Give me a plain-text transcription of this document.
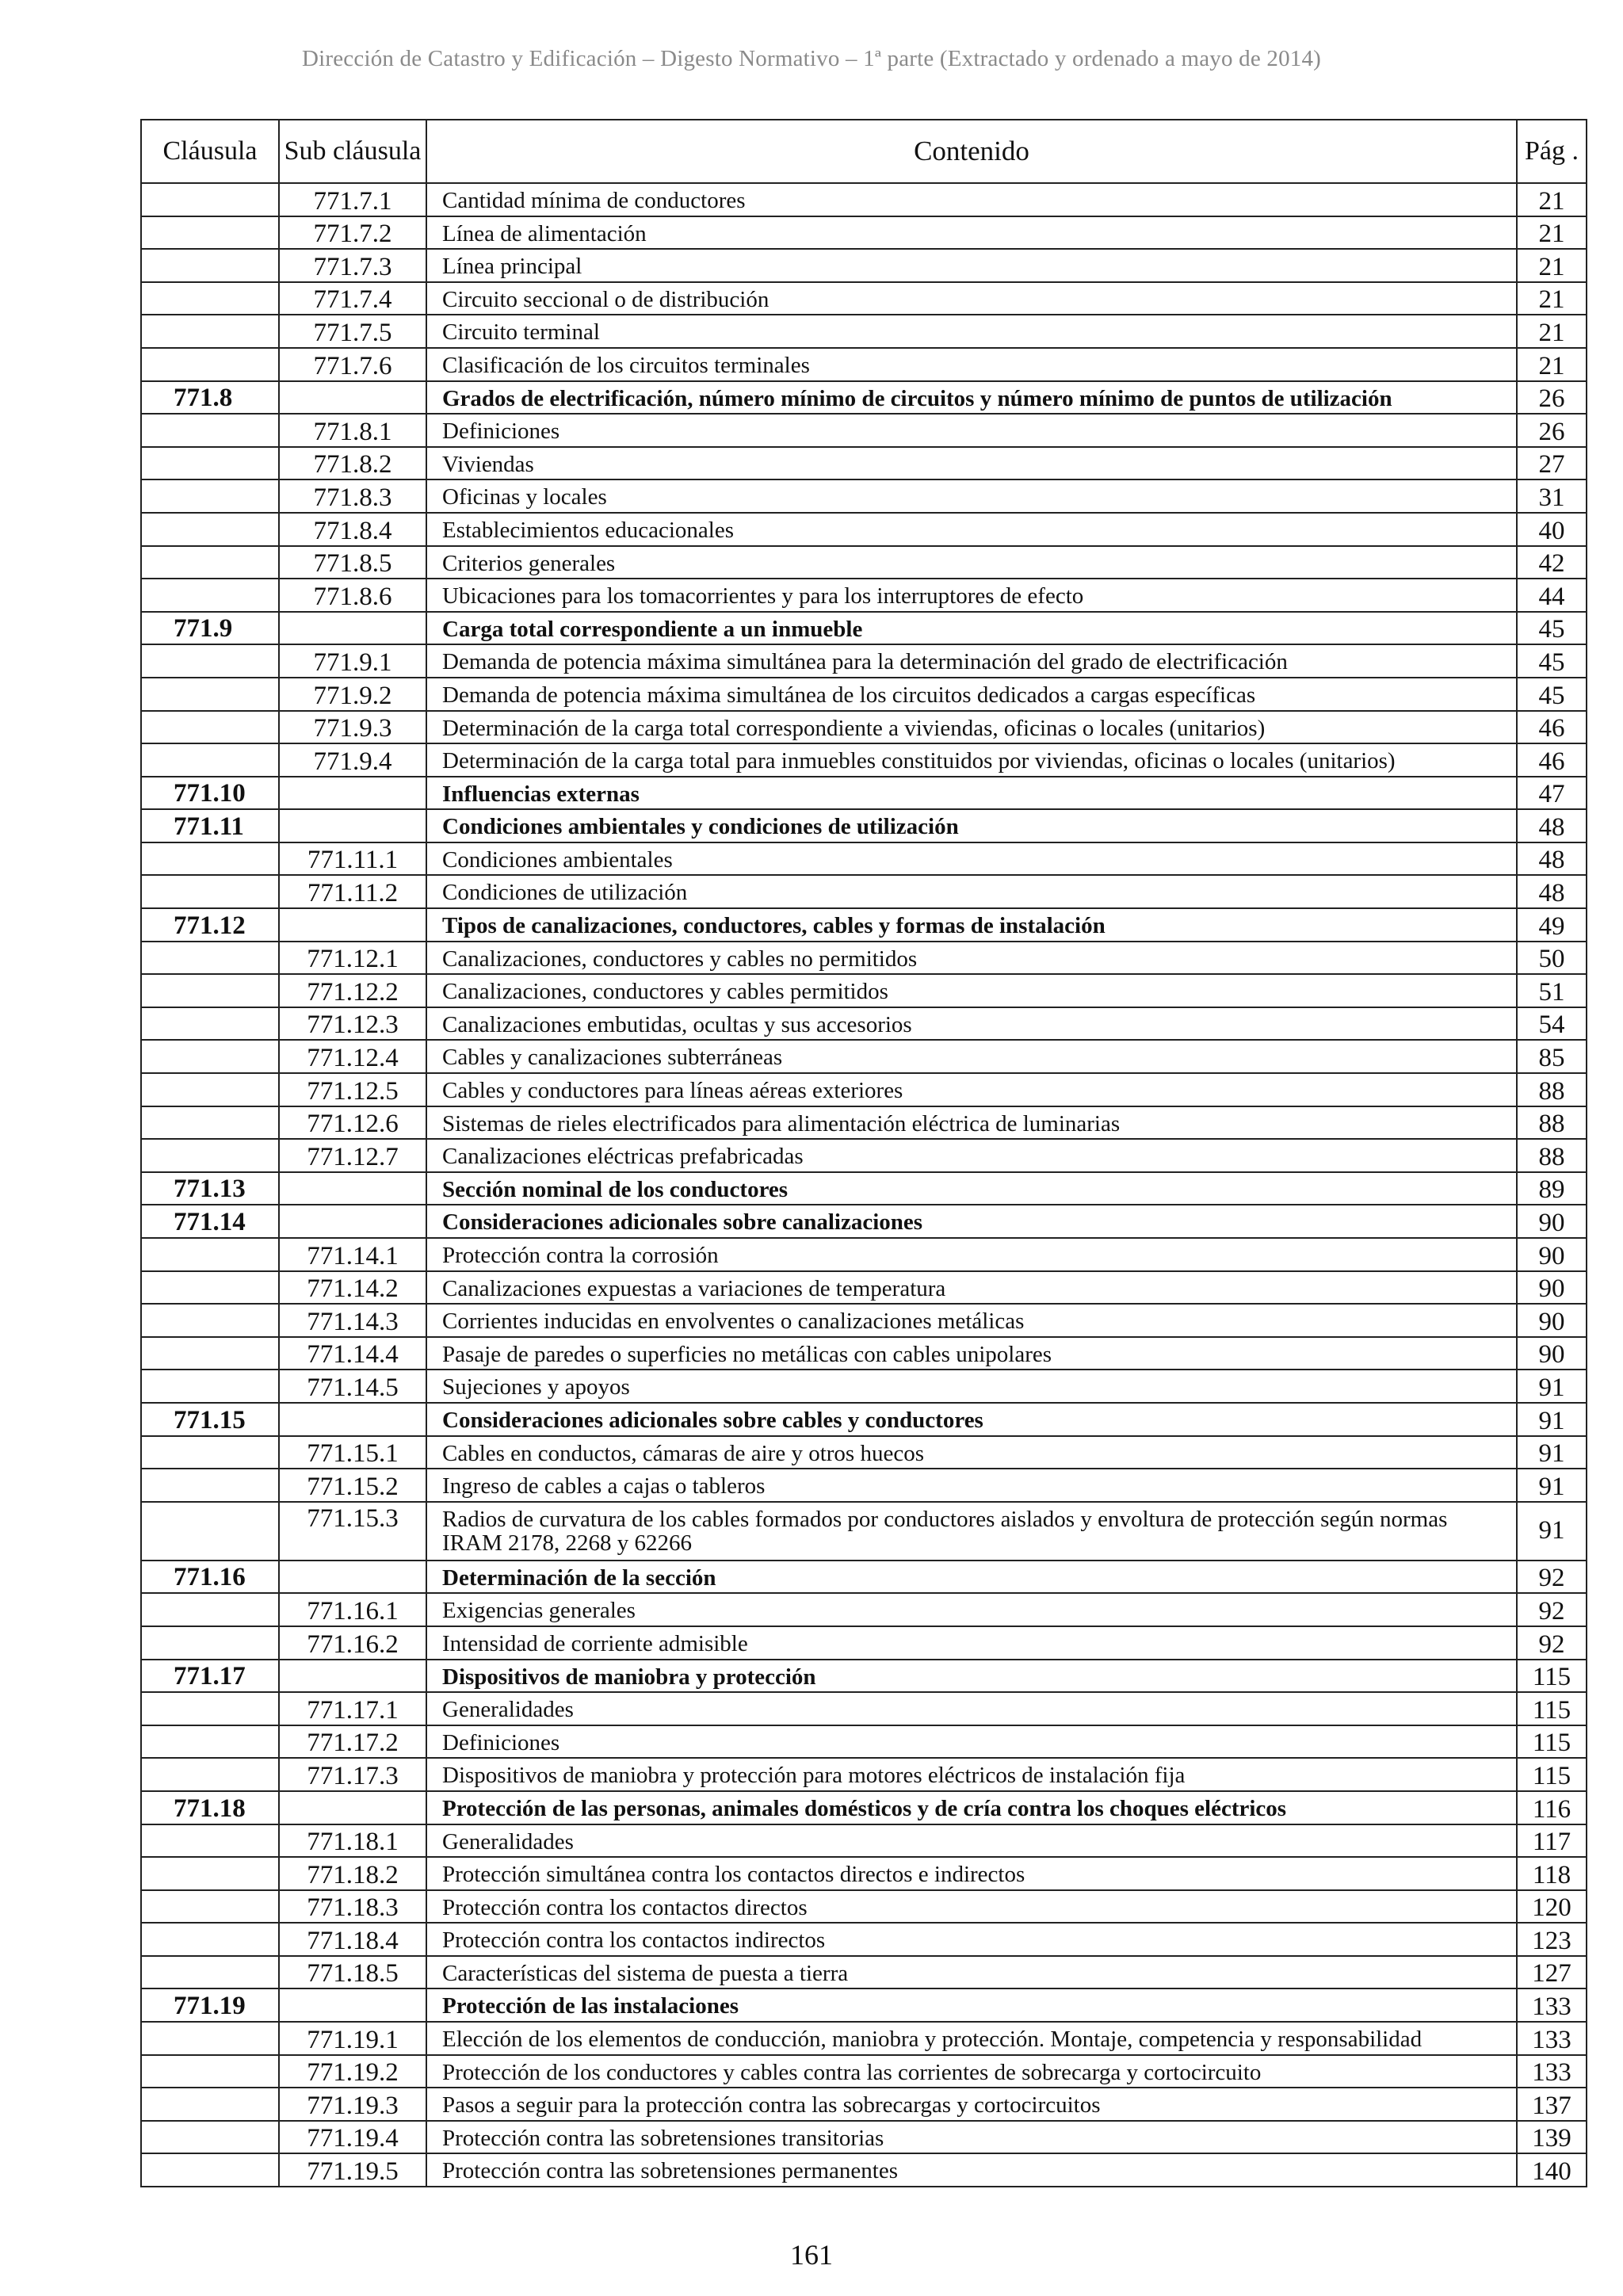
Dirección de Catastro y Edificación – Digesto Normativo – 1ª parte (Extractado y ordenado a mayo de 2014)
Cláusula	Sub cláusula	Contenido	Pág .
	771.7.1	Cantidad mínima de conductores	21
	771.7.2	Línea de alimentación	21
	771.7.3	Línea principal	21
	771.7.4	Circuito seccional o de distribución	21
	771.7.5	Circuito terminal	21
	771.7.6	Clasificación de los circuitos terminales	21
771.8		Grados de electrificación, número mínimo de circuitos y número mínimo de puntos de utilización	26
	771.8.1	Definiciones	26
	771.8.2	Viviendas	27
	771.8.3	Oficinas y locales	31
	771.8.4	Establecimientos educacionales	40
	771.8.5	Criterios generales	42
	771.8.6	Ubicaciones para los tomacorrientes y para los interruptores de efecto	44
771.9		Carga total correspondiente a un inmueble	45
	771.9.1	Demanda de potencia máxima simultánea para la determinación del grado de electrificación	45
	771.9.2	Demanda de potencia máxima simultánea de los circuitos dedicados a cargas específicas	45
	771.9.3	Determinación de la carga total correspondiente a viviendas, oficinas o locales (unitarios)	46
	771.9.4	Determinación de la carga total para inmuebles constituidos por viviendas, oficinas o locales (unitarios)	46
771.10		Influencias externas	47
771.11		Condiciones ambientales y condiciones de utilización	48
	771.11.1	Condiciones ambientales	48
	771.11.2	Condiciones de utilización	48
771.12		Tipos de canalizaciones, conductores, cables y formas de instalación	49
	771.12.1	Canalizaciones, conductores y cables no permitidos	50
	771.12.2	Canalizaciones, conductores y cables permitidos	51
	771.12.3	Canalizaciones embutidas, ocultas y sus accesorios	54
	771.12.4	Cables y canalizaciones subterráneas	85
	771.12.5	Cables y conductores para líneas aéreas exteriores	88
	771.12.6	Sistemas de rieles electrificados para alimentación eléctrica de luminarias	88
	771.12.7	Canalizaciones eléctricas prefabricadas	88
771.13		Sección nominal de los conductores	89
771.14		Consideraciones adicionales sobre canalizaciones	90
	771.14.1	Protección contra la corrosión	90
	771.14.2	Canalizaciones expuestas a variaciones de temperatura	90
	771.14.3	Corrientes inducidas en envolventes o canalizaciones metálicas	90
	771.14.4	Pasaje de paredes o superficies no metálicas con cables unipolares	90
	771.14.5	Sujeciones y apoyos	91
771.15		Consideraciones adicionales sobre cables y conductores	91
	771.15.1	Cables en conductos, cámaras de aire y otros huecos	91
	771.15.2	Ingreso de cables a cajas o tableros	91
	771.15.3	Radios de curvatura de los cables formados por conductores aislados y envoltura de protección según normas IRAM 2178, 2268 y 62266	91
771.16		Determinación de la sección	92
	771.16.1	Exigencias generales	92
	771.16.2	Intensidad de corriente admisible	92
771.17		Dispositivos de maniobra y protección	115
	771.17.1	Generalidades	115
	771.17.2	Definiciones	115
	771.17.3	Dispositivos de maniobra y protección para motores eléctricos de instalación fija	115
771.18		Protección de las personas, animales domésticos y de cría contra los choques eléctricos	116
	771.18.1	Generalidades	117
	771.18.2	Protección simultánea contra los contactos directos e indirectos	118
	771.18.3	Protección contra los contactos directos	120
	771.18.4	Protección contra los contactos indirectos	123
	771.18.5	Características del sistema de puesta a tierra	127
771.19		Protección de las instalaciones	133
	771.19.1	Elección de los elementos de conducción, maniobra y protección. Montaje, competencia y responsabilidad	133
	771.19.2	Protección de los conductores y cables contra las corrientes de sobrecarga y cortocircuito	133
	771.19.3	Pasos a seguir para la protección contra las sobrecargas y cortocircuitos	137
	771.19.4	Protección contra las sobretensiones transitorias	139
	771.19.5	Protección contra las sobretensiones permanentes	140
161
